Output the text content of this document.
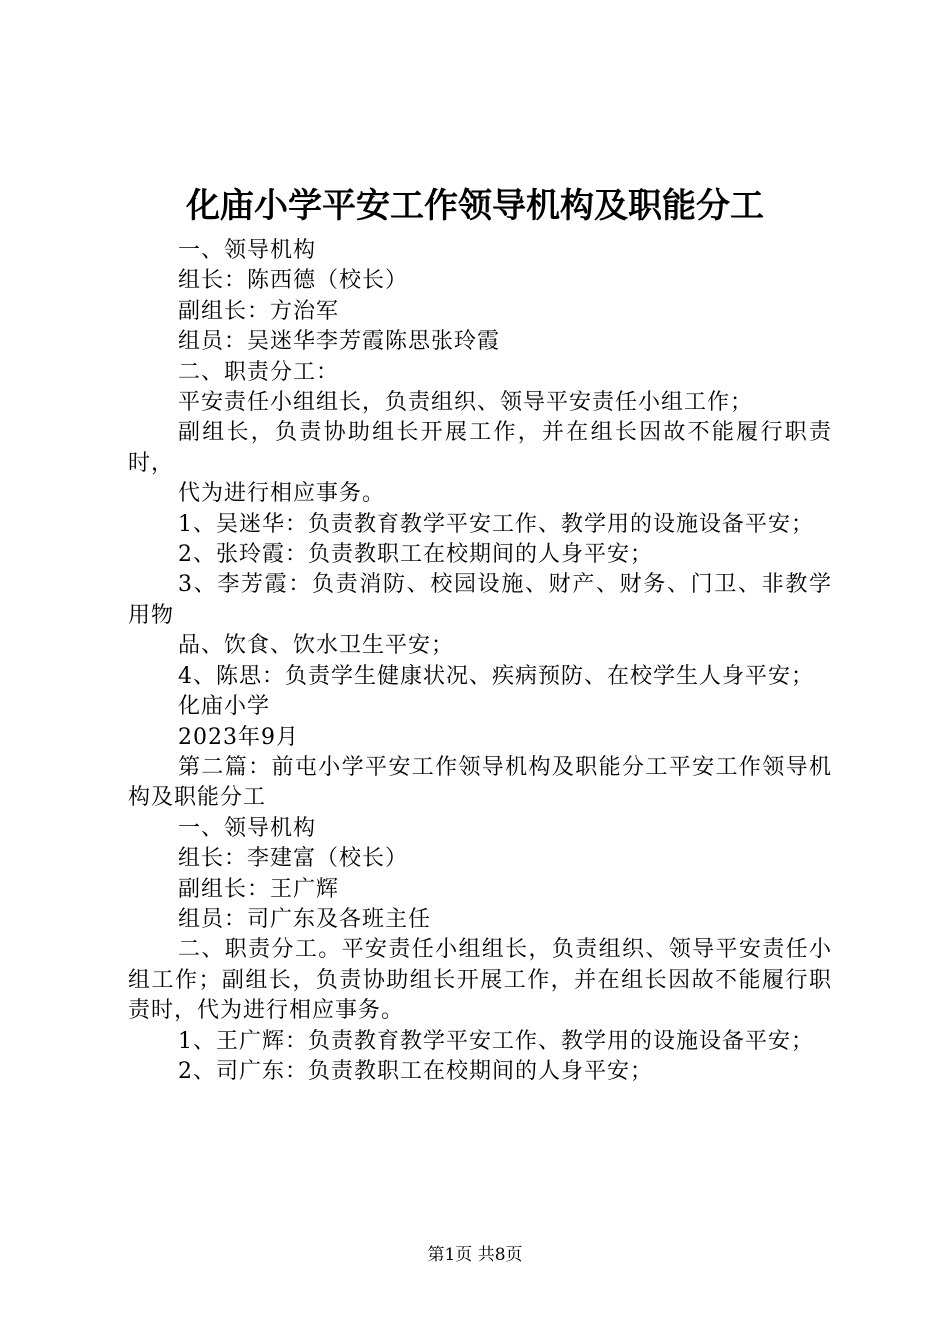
化庙小学平安工作领导机构及职能分工

一、领导机构

组长：陈西德（校长）

副组长：方治军

组员：吴迷华李芳霞陈思张玲霞

二、职责分工：

平安责任小组组长，负责组织、领导平安责任小组工作；

副组长，负责协助组长开展工作，并在组长因故不能履行职责时，

代为进行相应事务。

1、吴迷华：负责教育教学平安工作、教学用的设施设备平安；

2、张玲霞：负责教职工在校期间的人身平安；

3、李芳霞：负责消防、校园设施、财产、财务、门卫、非教学用物

品、饮食、饮水卫生平安；

4、陈思：负责学生健康状况、疾病预防、在校学生人身平安；

化庙小学

2023年9月

第二篇：前屯小学平安工作领导机构及职能分工平安工作领导机构及职能分工

一、领导机构

组长：李建富（校长）

副组长：王广辉

组员：司广东及各班主任

二、职责分工。平安责任小组组长，负责组织、领导平安责任小组工作；副组长，负责协助组长开展工作，并在组长因故不能履行职责时，代为进行相应事务。

1、王广辉：负责教育教学平安工作、教学用的设施设备平安；

2、司广东：负责教职工在校期间的人身平安；

第1页 共8页
